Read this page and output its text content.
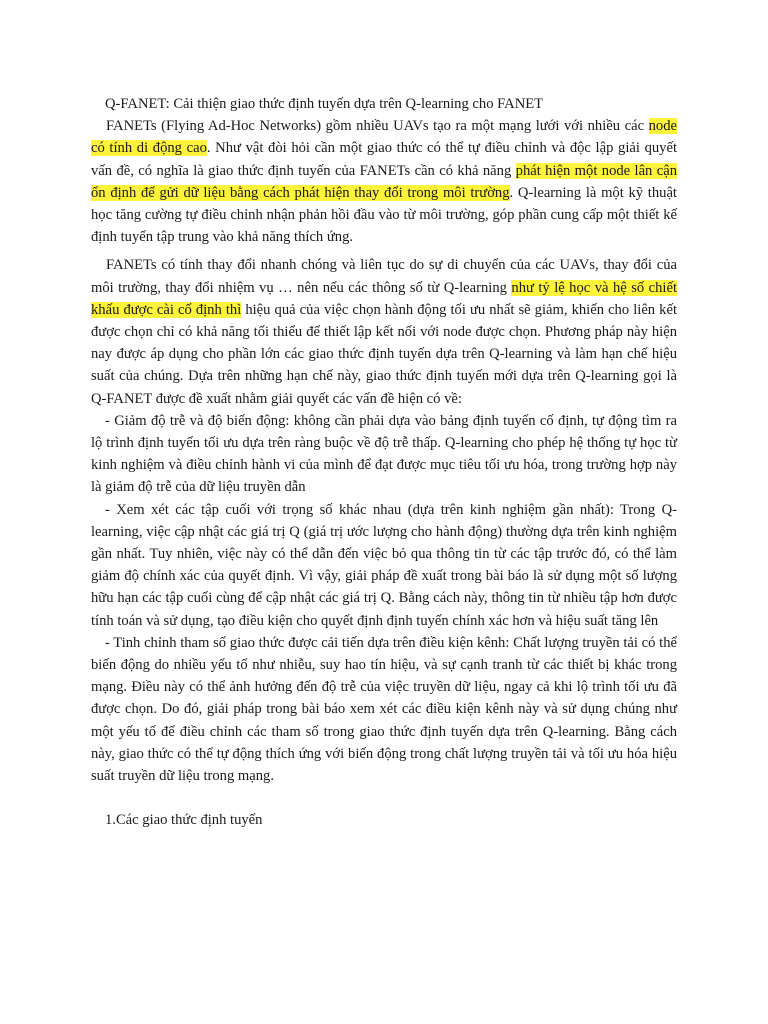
Q-FANET: Cải thiện giao thức định tuyến dựa trên Q-learning cho FANET

FANETs (Flying Ad-Hoc Networks) gồm nhiều UAVs tạo ra một mạng lưới với nhiều các node có tính di động cao. Như vật đòi hỏi cần một giao thức có thể tự điều chỉnh và độc lập giải quyết vấn đề, có nghĩa là giao thức định tuyến của FANETs cần có khả năng phát hiện một node lân cận ổn định để gửi dữ liệu bằng cách phát hiện thay đổi trong môi trường. Q-learning là một kỹ thuật học tăng cường tự điều chỉnh nhận phản hồi đầu vào từ môi trường, góp phần cung cấp một thiết kế định tuyến tập trung vào khả năng thích ứng.

FANETs có tính thay đổi nhanh chóng và liên tục do sự di chuyển của các UAVs, thay đổi của môi trường, thay đổi nhiệm vụ … nên nếu các thông số từ Q-learning như tỷ lệ học và hệ số chiết khấu được cài cố định thì hiệu quả của việc chọn hành động tối ưu nhất sẽ giảm, khiến cho liên kết được chọn chỉ có khả năng tối thiểu để thiết lập kết nối với node được chọn. Phương pháp này hiện nay được áp dụng cho phần lớn các giao thức định tuyến dựa trên Q-learning và làm hạn chế hiệu suất của chúng. Dựa trên những hạn chế này, giao thức định tuyến mới dựa trên Q-learning gọi là Q-FANET được đề xuất nhằm giải quyết các vấn đề hiện có về:

- Giảm độ trễ và độ biến động: không cần phải dựa vào bảng định tuyến cố định, tự động tìm ra lộ trình định tuyến tối ưu dựa trên ràng buộc về độ trễ thấp. Q-learning cho phép hệ thống tự học từ kinh nghiệm và điều chỉnh hành vi của mình để đạt được mục tiêu tối ưu hóa, trong trường hợp này là giảm độ trễ của dữ liệu truyền dẫn

- Xem xét các tập cuối với trọng số khác nhau (dựa trên kinh nghiệm gần nhất): Trong Q-learning, việc cập nhật các giá trị Q (giá trị ước lượng cho hành động) thường dựa trên kinh nghiệm gần nhất. Tuy nhiên, việc này có thể dẫn đến việc bỏ qua thông tin từ các tập trước đó, có thể làm giảm độ chính xác của quyết định. Vì vậy, giải pháp đề xuất trong bài báo là sử dụng một số lượng hữu hạn các tập cuối cùng để cập nhật các giá trị Q. Bằng cách này, thông tin từ nhiều tập hơn được tính toán và sử dụng, tạo điều kiện cho quyết định định tuyến chính xác hơn và hiệu suất tăng lên

- Tinh chỉnh tham số giao thức được cải tiến dựa trên điều kiện kênh: Chất lượng truyền tải có thể biến động do nhiều yếu tố như nhiễu, suy hao tín hiệu, và sự cạnh tranh từ các thiết bị khác trong mạng. Điều này có thể ảnh hưởng đến độ trễ của việc truyền dữ liệu, ngay cả khi lộ trình tối ưu đã được chọn. Do đó, giải pháp trong bài báo xem xét các điều kiện kênh này và sử dụng chúng như một yếu tố để điều chỉnh các tham số trong giao thức định tuyến dựa trên Q-learning. Bằng cách này, giao thức có thể tự động thích ứng với biến động trong chất lượng truyền tải và tối ưu hóa hiệu suất truyền dữ liệu trong mạng.

1.Các giao thức định tuyến
